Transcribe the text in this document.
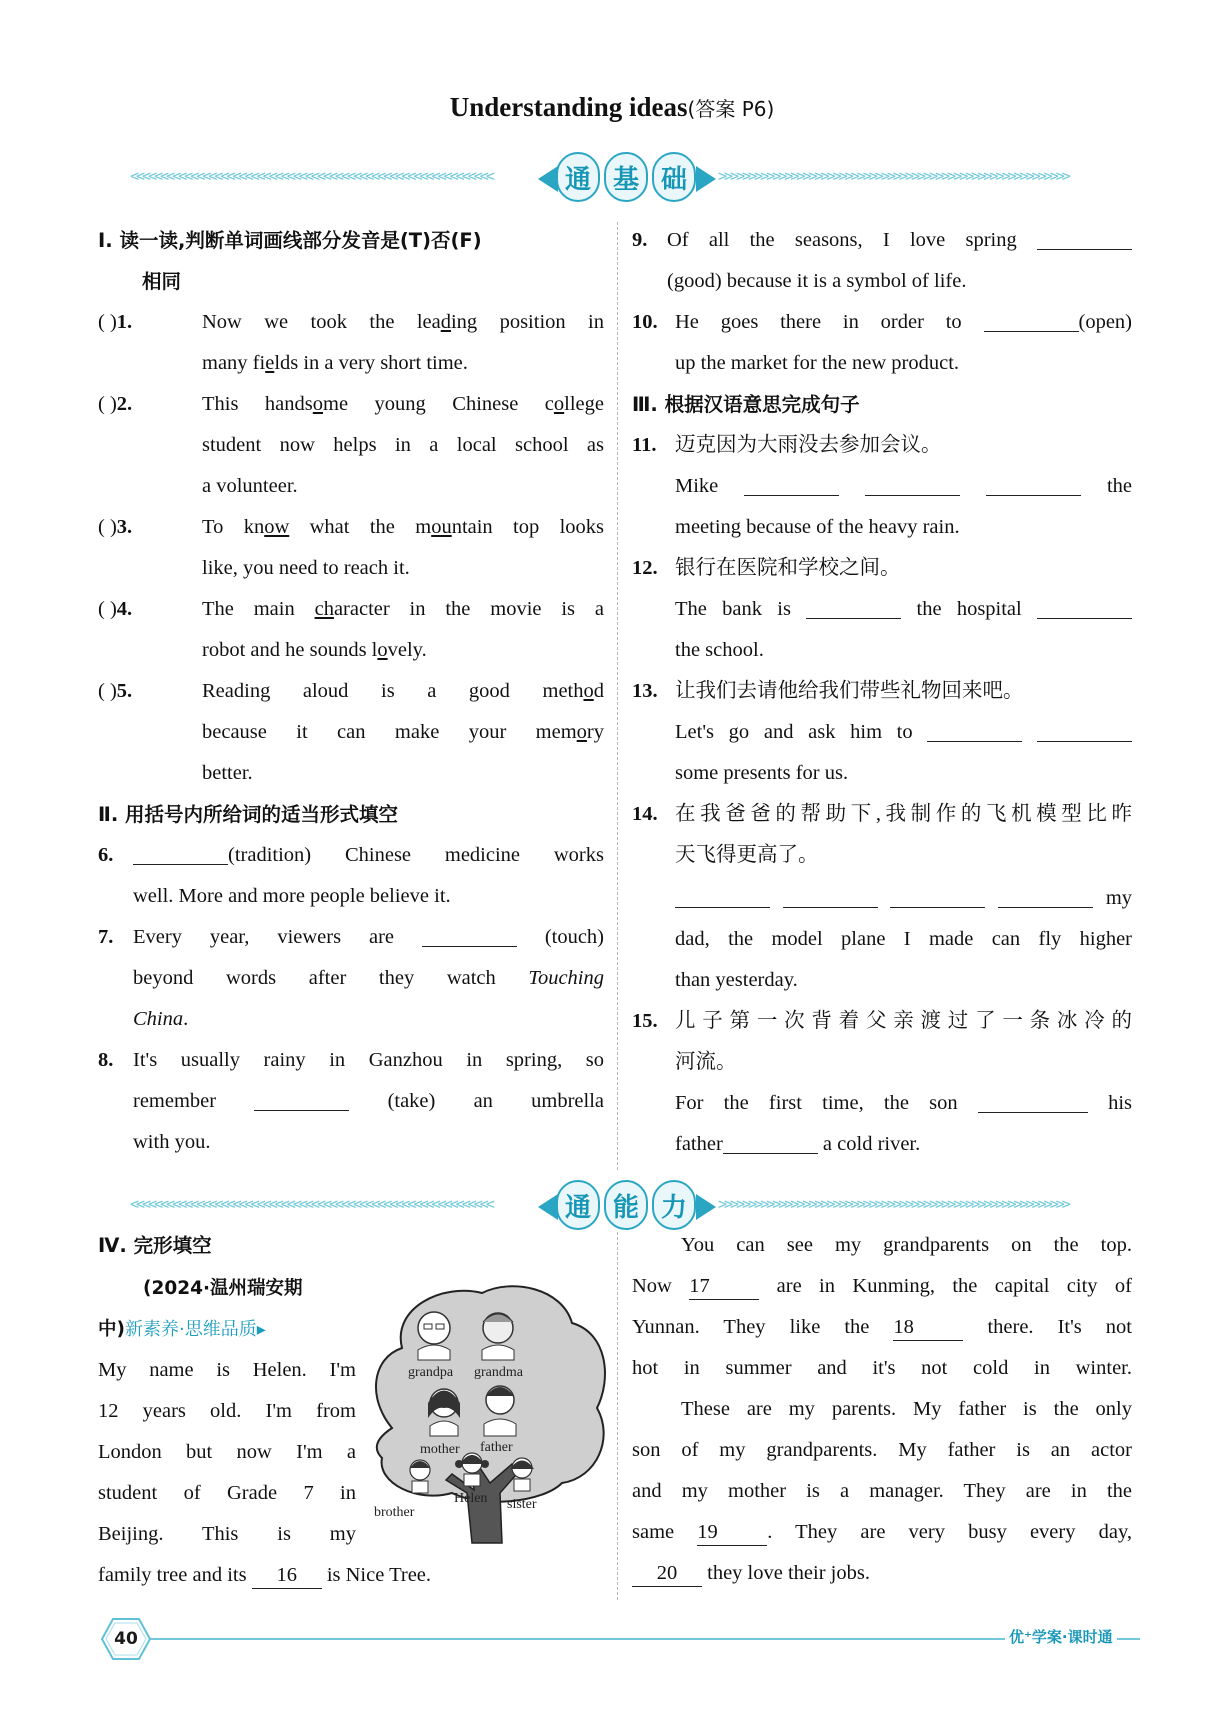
Understanding ideas(答案 P6)
<<<<<<<<<<<<<<<<<<<<<<<<<<<<<<<<<<<<<<<<<<<<<<<<<<<<<<<<<<<<	通 基 础	>>>>>>>>>>>>>>>>>>>>>>>>>>>>>>>>>>>>>>>>>>>>>>>>>>>>>>>>>>
Ⅰ. 读一读,判断单词画线部分发音是(T)否(F)
相同
( )1.	Now we took the leading position in
many fields in a very short time.
( )2.	This handsome young Chinese college
student now helps in a local school as
a volunteer.
( )3.	To know what the mountain top looks
like, you need to reach it.
( )4.	The main character in the movie is a
robot and he sounds lovely.
( )5.	Reading aloud is a good method
because it can make your memory
better.
Ⅱ. 用括号内所给词的适当形式填空
6.	(tradition) Chinese medicine works
well. More and more people believe it.
7. Every year, viewers are	(touch)
beyond words after they watch Touching
China.
8. It's usually rainy in Ganzhou in spring, so
remember	(take) an umbrella
with you.
9. Of all the seasons, I love spring
(good) because it is a symbol of life.
10. He goes there in order to	(open)
up the market for the new product.
Ⅲ. 根据汉语意思完成句子
11. 迈克因为大雨没去参加会议。
Mike	the
meeting because of the heavy rain.
12. 银行在医院和学校之间。
The bank is	the hospital
the school.
13. 让我们去请他给我们带些礼物回来吧。
Let's go and ask him to
some presents for us.
14. 在我爸爸的帮助下,我制作的飞机模型比昨
天飞得更高了。
my
dad, the model plane I made can fly higher
than yesterday.
15. 儿子第一次背着父亲渡过了一条冰冷的
河流。
For the first time, the son	his
father	a cold river.
<<<<<<<<<<<<<<<<<<<<<<<<<<<<<<<<<<<<<<<<<<<<<<<<<<<<<<<<<<<<	通 能 力	>>>>>>>>>>>>>>>>>>>>>>>>>>>>>>>>>>>>>>>>>>>>>>>>>>>>>>>>>>
Ⅳ. 完形填空
(2024·温州瑞安期
中)新素养·思维品质▸
My name is Helen. I'm
12 years old. I'm from
London but now I'm a
student of Grade 7 in
Beijing. This is my
family tree and its 16 is Nice Tree.
grandpa grandma
mother father
Helen
brother
sister
You can see my grandparents on the top.
Now 17	are in Kunming, the capital city of
Yunnan. They like the 18	there. It's not
hot in summer and it's not cold in winter.
These are my parents. My father is the only
son of my grandparents. My father is an actor
and my mother is a manager. They are in the
same 19 . They are very busy every day,
20 they love their jobs.
40	优⁺学案·课时通
